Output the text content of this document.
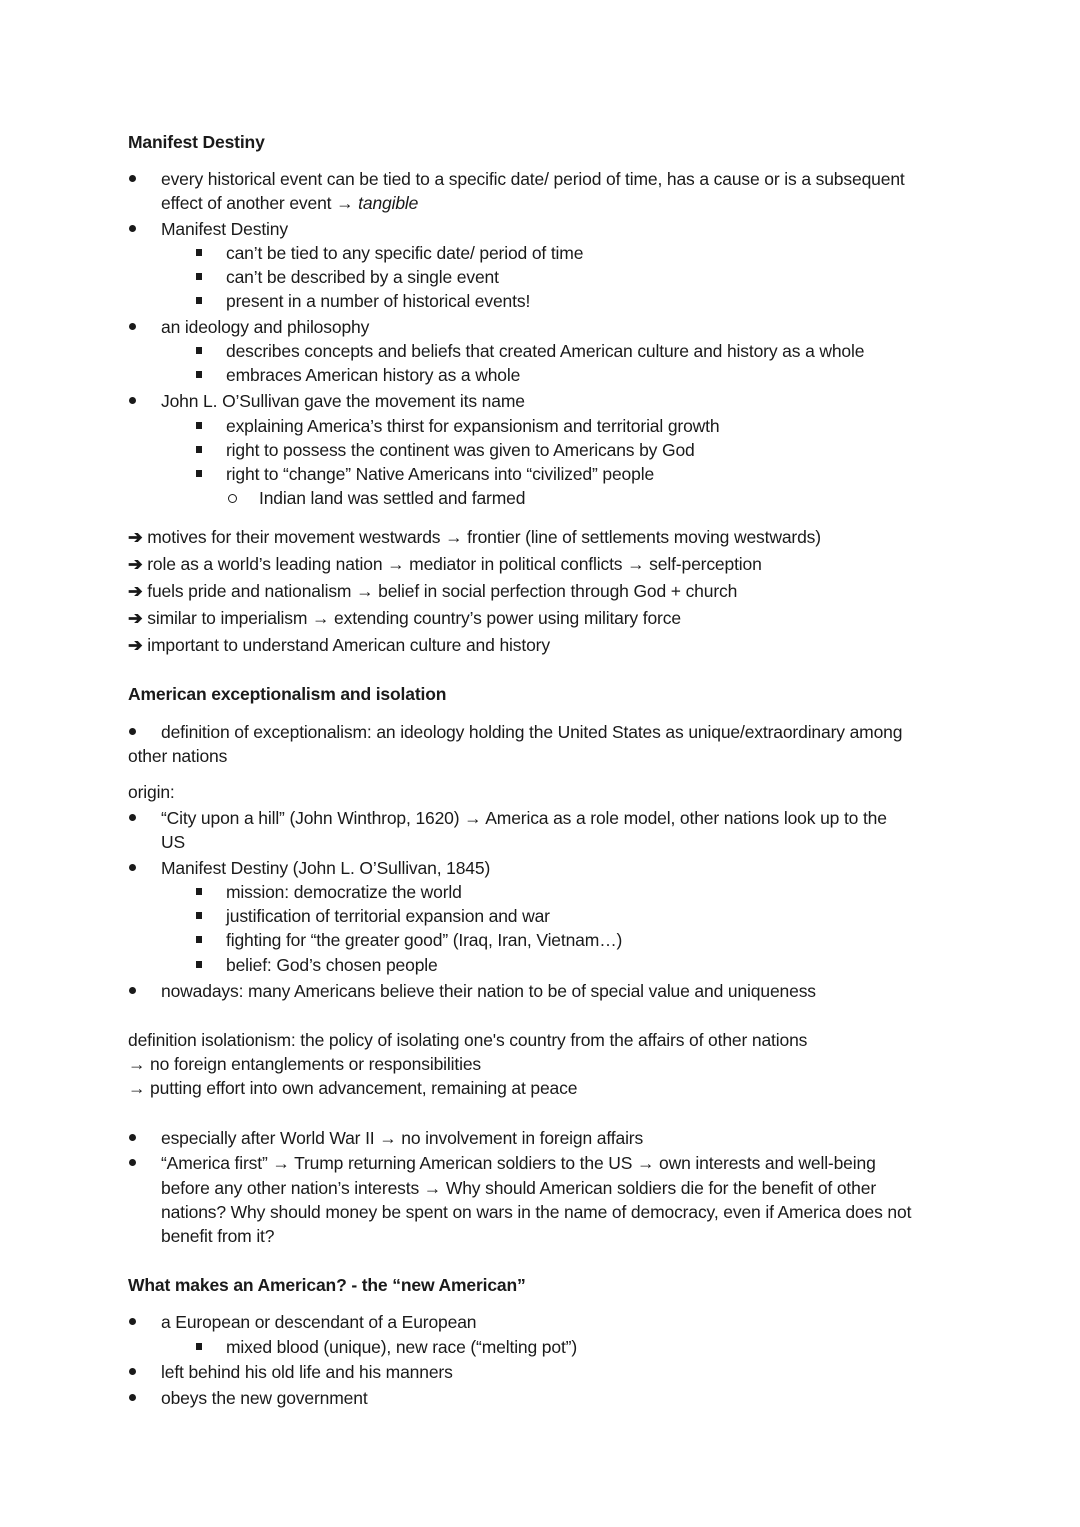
Manifest Destiny
every historical event can be tied to a specific date/ period of time, has a cause or is a subsequent
effect of another event → tangible
Manifest Destiny
can’t be tied to any specific date/ period of time
can’t be described by a single event
present in a number of historical events!
an ideology and philosophy
describes concepts and beliefs that created American culture and history as a whole
embraces American history as a whole
John L. O’Sullivan gave the movement its name
explaining America’s thirst for expansionism and territorial growth
right to possess the continent was given to Americans by God
right to “change” Native Americans into “civilized” people
Indian land was settled and farmed
➔ motives for their movement westwards → frontier (line of settlements moving westwards)
➔ role as a world’s leading nation → mediator in political conflicts → self-perception
➔ fuels pride and nationalism → belief in social perfection through God + church
➔ similar to imperialism → extending country’s power using military force
➔ important to understand American culture and history
American exceptionalism and isolation
definition of exceptionalism: an ideology holding the United States as unique/extraordinary among
other nations
origin:
“City upon a hill” (John Winthrop, 1620) → America as a role model, other nations look up to the
US
Manifest Destiny (John L. O’Sullivan, 1845)
mission: democratize the world
justification of territorial expansion and war
fighting for “the greater good” (Iraq, Iran, Vietnam…)
belief: God’s chosen people
nowadays: many Americans believe their nation to be of special value and uniqueness
definition isolationism: the policy of isolating one's country from the affairs of other nations
→ no foreign entanglements or responsibilities
→ putting effort into own advancement, remaining at peace
especially after World War II → no involvement in foreign affairs
“America first” → Trump returning American soldiers to the US → own interests and well-being
before any other nation’s interests → Why should American soldiers die for the benefit of other
nations? Why should money be spent on wars in the name of democracy, even if America does not
benefit from it?
What makes an American? - the “new American”
a European or descendant of a European
mixed blood (unique), new race (“melting pot”)
left behind his old life and his manners
obeys the new government
